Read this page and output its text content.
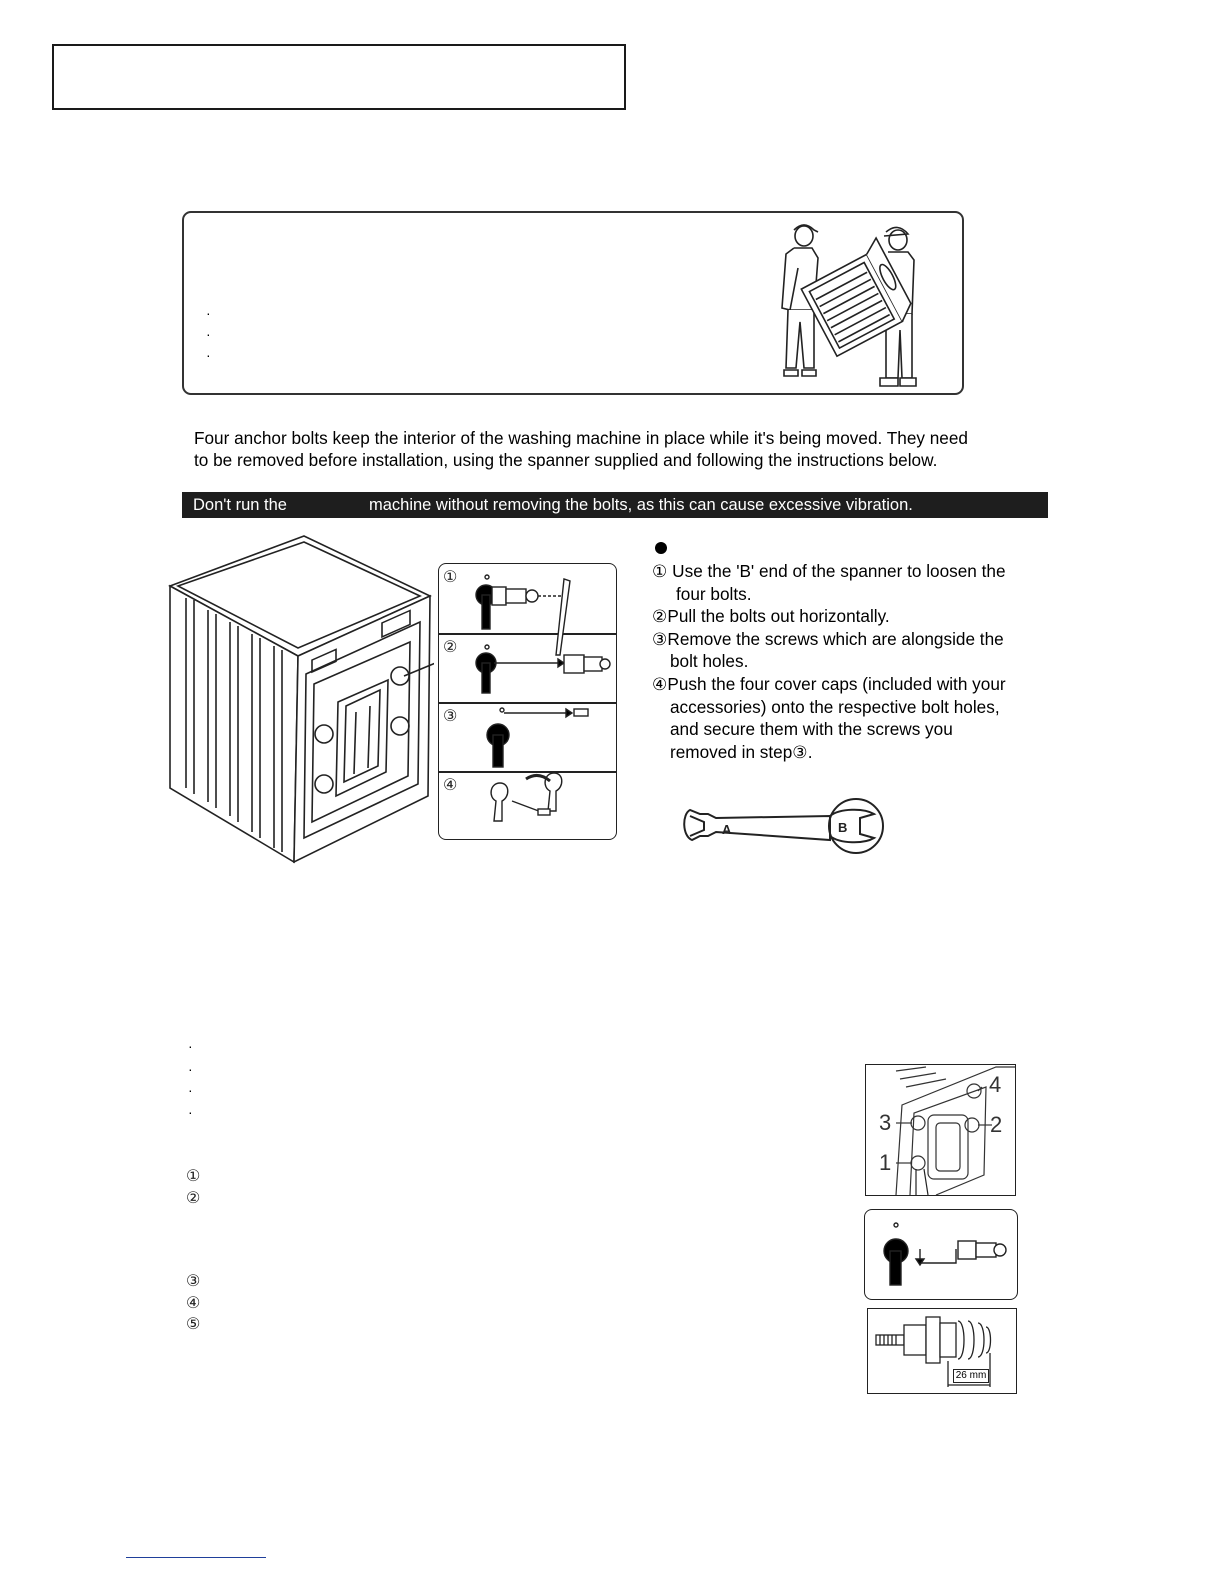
·
·
·
Four anchor bolts keep the interior of the washing machine in place while it's being moved. They need
to be removed before installation, using the spanner supplied and following the instructions below.
Don't run the	machine without removing the bolts, as this can cause excessive vibration.
①
②
③
④

① Use the 'B' end of the spanner to loosen the

four bolts.

②Pull the bolts out horizontally.

③Remove the screws which are alongside the

bolt holes.

④Push the four cover caps (included with your

accessories) onto the respective bolt holes,

and secure them with the screws you

removed in step③.

A	B
·
·
·
·
①
②
③
④
⑤
3
1
2
4
26 mm
